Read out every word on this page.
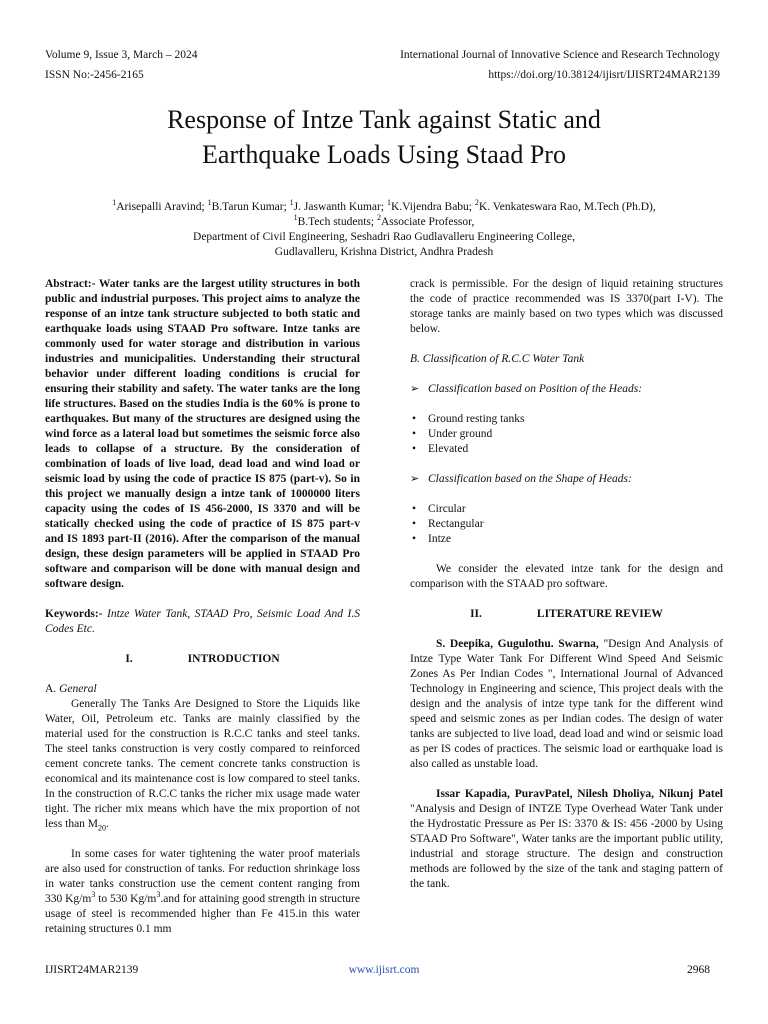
Volume 9, Issue 3, March – 2024
ISSN No:-2456-2165
International Journal of Innovative Science and Research Technology
https://doi.org/10.38124/ijisrt/IJISRT24MAR2139
Response of Intze Tank against Static and
Earthquake Loads Using Staad Pro
$^1$Arisepalli Aravind; $^1$B.Tarun Kumar; $^1$J. Jaswanth Kumar; $^1$K.Vijendra Babu; $^2$K. Venkateswara Rao, M.Tech (Ph.D),
$^1$B.Tech students; $^2$Associate Professor,
Department of Civil Engineering, Seshadri Rao Gudlavalleru Engineering College,
Gudlavalleru, Krishna District, Andhra Pradesh

Abstract:- Water tanks are the largest utility structures in both public and industrial purposes. This project aims to analyze the response of an intze tank structure subjected to both static and earthquake loads using STAAD Pro software. Intze tanks are commonly used for water storage and distribution in various industries and municipalities. Understanding their structural behavior under different loading conditions is crucial for ensuring their stability and safety. The water tanks are the long life structures. Based on the studies India is the 60% is prone to earthquakes. But many of the structures are designed using the wind force as a lateral load but sometimes the seismic force also leads to collapse of a structure. By the consideration of combination of loads of live load, dead load and wind load or seismic load by using the code of practice IS 875 (part-v). So in this project we manually design a intze tank of 1000000 liters capacity using the codes of IS 456-2000, IS 3370 and will be statically checked using the code of practice of IS 875 part-v and IS 1893 part-II (2016). After the comparison of the manual design, these design parameters will be applied in STAAD Pro software and comparison will be done with manual design and software design.

Keywords:- Intze Water Tank, STAAD Pro, Seismic Load And I.S Codes Etc.

I.	INTRODUCTION
A. General

Generally The Tanks Are Designed to Store the Liquids like Water, Oil, Petroleum etc. Tanks are mainly classified by the material used for the construction is R.C.C tanks and steel tanks. The steel tanks construction is very costly compared to reinforced cement concrete tanks. The cement concrete tanks construction is economical and its maintenance cost is low compared to steel tanks. In the construction of R.C.C tanks the richer mix usage made water tight. The richer mix means which have the mix proportion of not less than $M_{20}$.

In some cases for water tightening the water proof materials are also used for construction of tanks. For reduction shrinkage loss in water tanks construction use the cement content ranging from 330 $Kg/m^3$ to 530 $Kg/m^3.and$ for attaining good strength in structure usage of steel is recommended higher than Fe 415.in this water retaining structures 0.1 mm

crack is permissible. For the design of liquid retaining structures the code of practice recommended was IS 3370(part I-V). The storage tanks are mainly based on two types which was discussed below.

B. Classification of R.C.C Water Tank
➢ Classification based on Position of the Heads:
• Ground resting tanks
• Under ground
• Elevated
➢ Classification based on the Shape of Heads:
• Circular
• Rectangular
• Intze

We consider the elevated intze tank for the design and comparison with the STAAD pro software.

II.	LITERATURE REVIEW

S. Deepika, Gugulothu. Swarna, "Design And Analysis of Intze Type Water Tank For Different Wind Speed And Seismic Zones As Per Indian Codes ", International Journal of Advanced Technology in Engineering and science, This project deals with the design and the analysis of intze type tank for the different wind speed and seismic zones as per Indian codes. The design of water tanks are subjected to live load, dead load and wind or seismic load as per IS codes of practices. The seismic load or earthquake load is also called as unstable load.

Issar Kapadia, PuravPatel, Nilesh Dholiya, Nikunj Patel "Analysis and Design of INTZE Type Overhead Water Tank under the Hydrostatic Pressure as Per IS: 3370 & IS: 456 -2000 by Using STAAD Pro Software", Water tanks are the important public utility, industrial and storage structure. The design and construction methods are followed by the size of the tank and staging pattern of the tank.

IJISRT24MAR2139	www.ijisrt.com	2968
